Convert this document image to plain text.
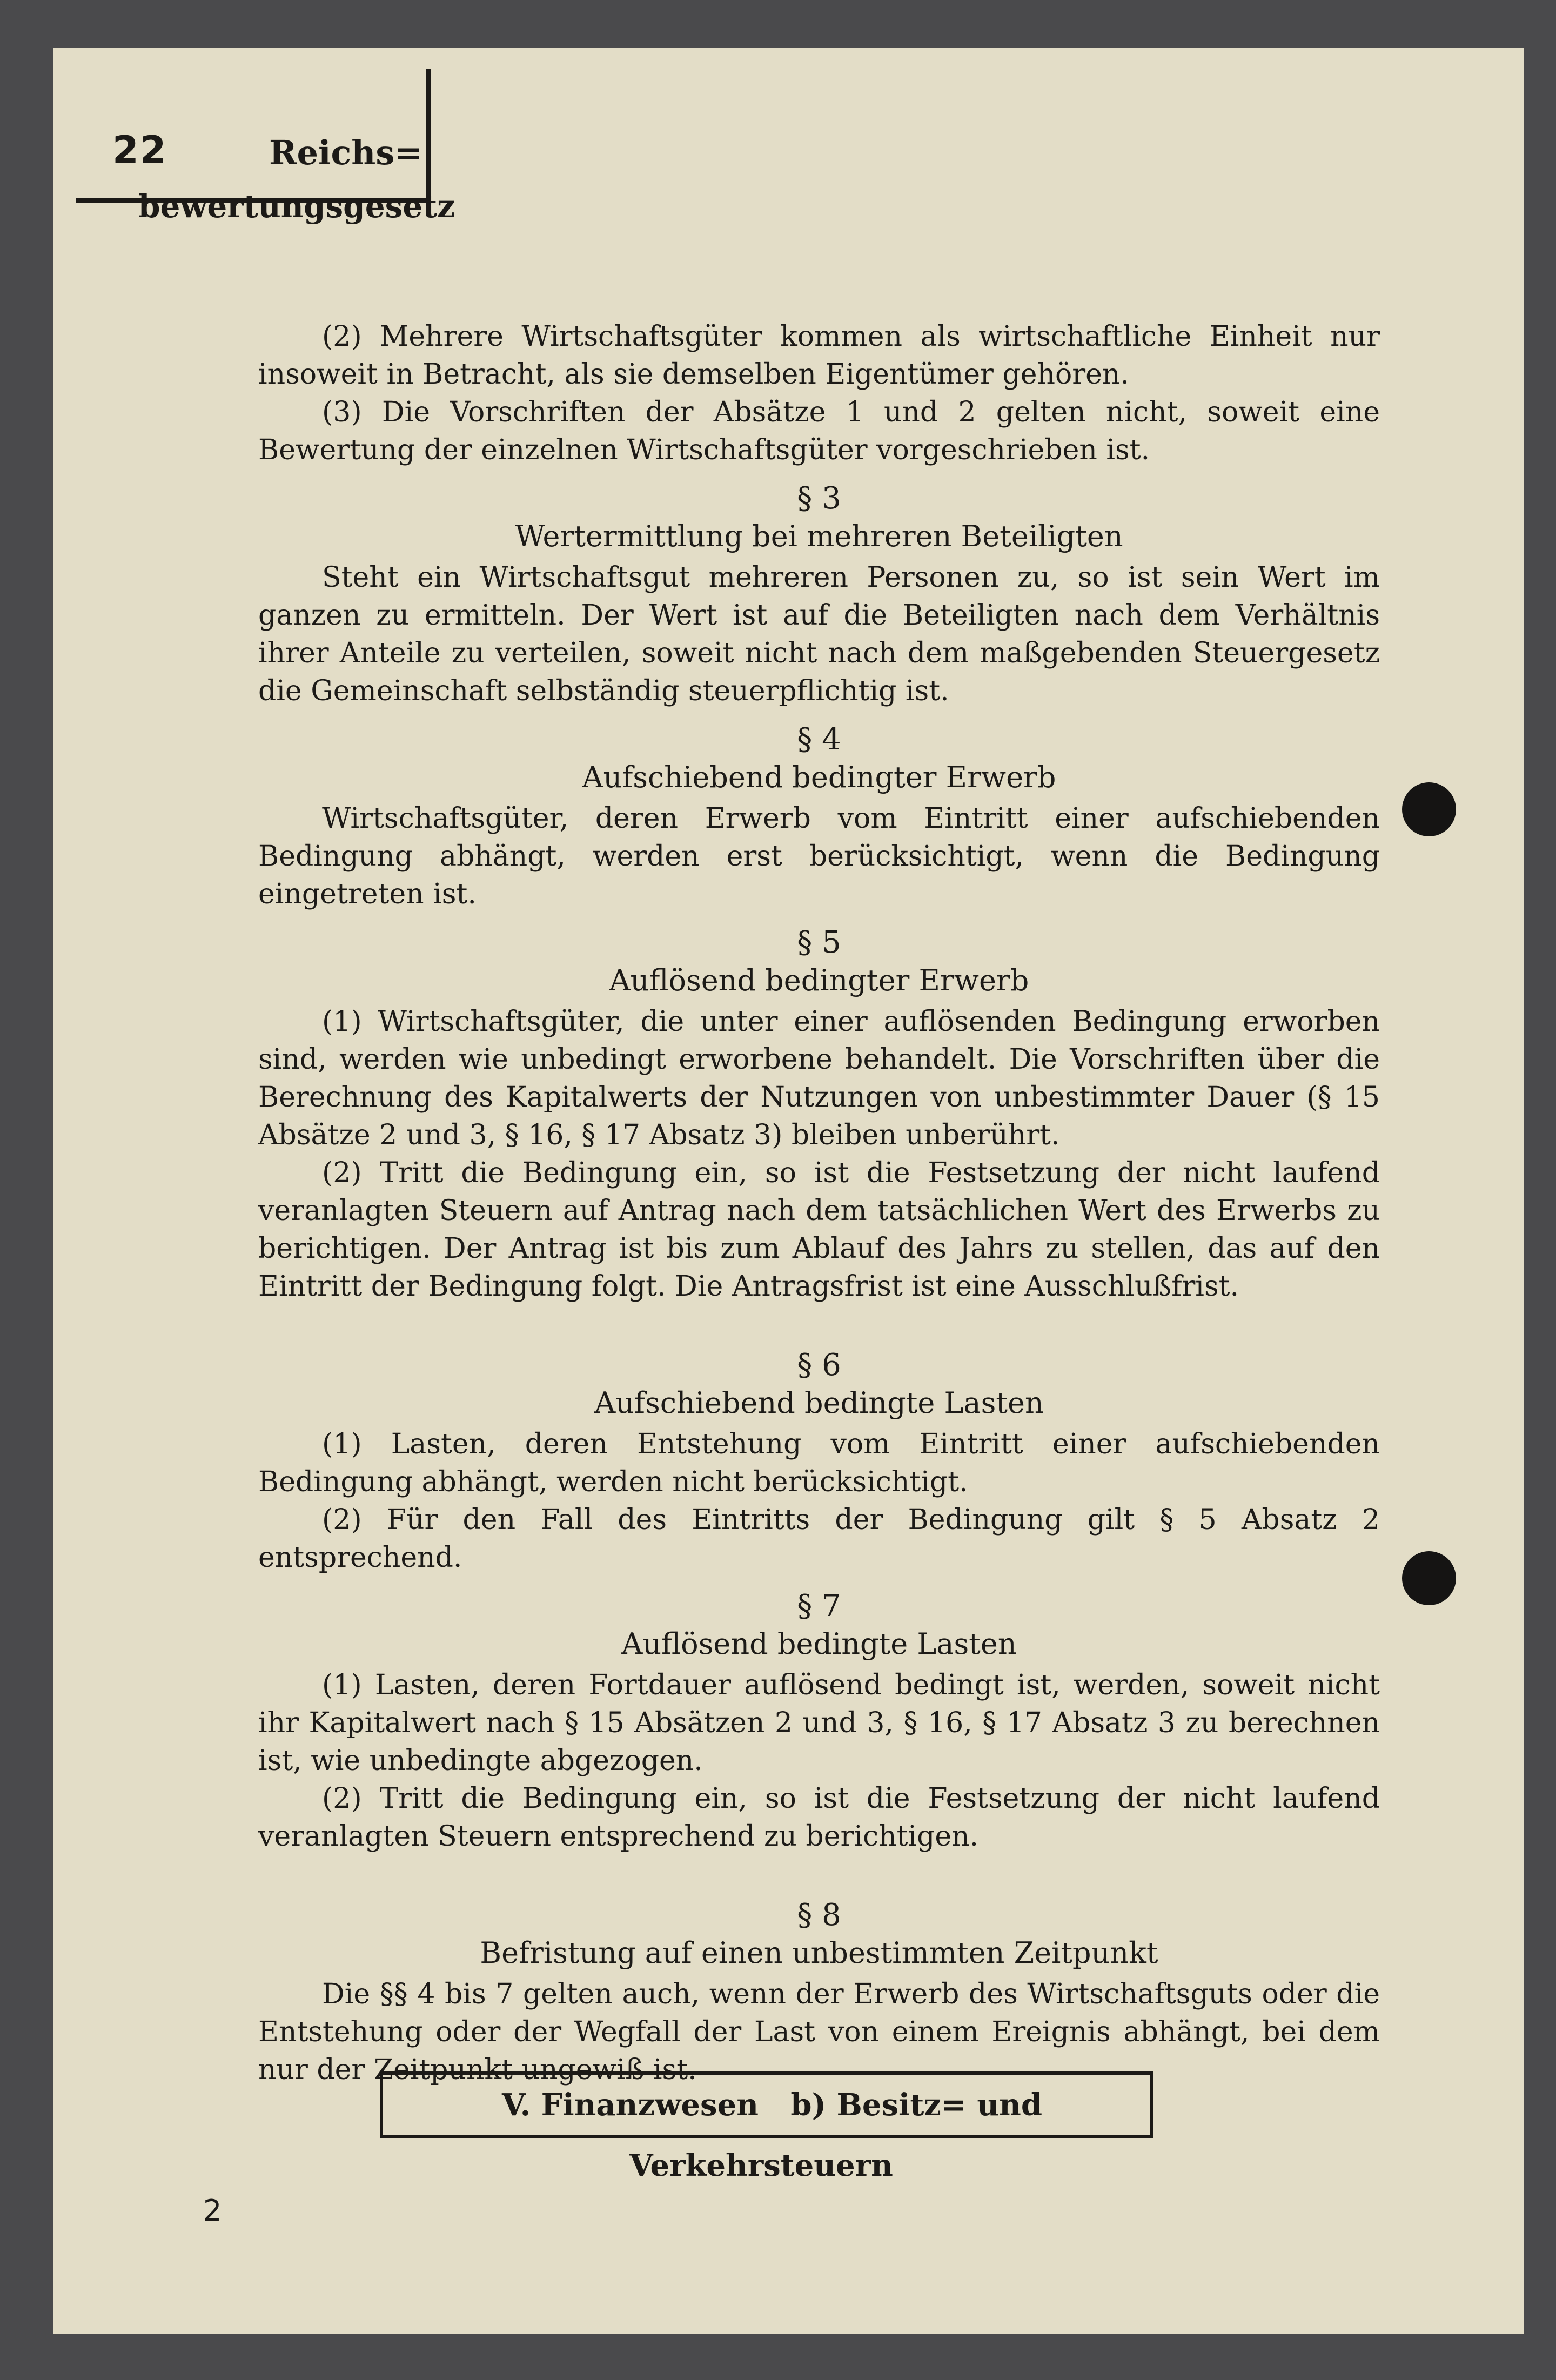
22	Reichs=
bewertungsgesetz

(2) Mehrere Wirtschaftsgüter kommen als wirtschaftliche Einheit nur insoweit in Betracht, als sie demselben Eigentümer gehören.

(3) Die Vorschriften der Absätze 1 und 2 gelten nicht, soweit eine Bewertung der einzelnen Wirtschaftsgüter vorgeschrieben ist.

§ 3
Wertermittlung bei mehreren Beteiligten

Steht ein Wirtschaftsgut mehreren Personen zu, so ist sein Wert im ganzen zu ermitteln. Der Wert ist auf die Beteiligten nach dem Verhältnis ihrer Anteile zu verteilen, soweit nicht nach dem maßgebenden Steuergesetz die Gemeinschaft selbständig steuerpflichtig ist.

§ 4
Aufschiebend bedingter Erwerb

Wirtschaftsgüter, deren Erwerb vom Eintritt einer aufschiebenden Bedingung abhängt, werden erst berücksichtigt, wenn die Bedingung eingetreten ist.

§ 5
Auflösend bedingter Erwerb

(1) Wirtschaftsgüter, die unter einer auflösenden Bedingung erworben sind, werden wie unbedingt erworbene behandelt. Die Vorschriften über die Berechnung des Kapitalwerts der Nutzungen von unbestimmter Dauer (§ 15 Absätze 2 und 3, § 16, § 17 Absatz 3) bleiben unberührt.

(2) Tritt die Bedingung ein, so ist die Festsetzung der nicht laufend veranlagten Steuern auf Antrag nach dem tatsächlichen Wert des Erwerbs zu berichtigen. Der Antrag ist bis zum Ablauf des Jahrs zu stellen, das auf den Eintritt der Bedingung folgt. Die Antragsfrist ist eine Ausschlußfrist.

§ 6
Aufschiebend bedingte Lasten

(1) Lasten, deren Entstehung vom Eintritt einer aufschiebenden Bedingung abhängt, werden nicht berücksichtigt.

(2) Für den Fall des Eintritts der Bedingung gilt § 5 Absatz 2 entsprechend.

§ 7
Auflösend bedingte Lasten

(1) Lasten, deren Fortdauer auflösend bedingt ist, werden, soweit nicht ihr Kapitalwert nach § 15 Absätzen 2 und 3, § 16, § 17 Absatz 3 zu berechnen ist, wie unbedingte abgezogen.

(2) Tritt die Bedingung ein, so ist die Festsetzung der nicht laufend veranlagten Steuern entsprechend zu berichtigen.

§ 8
Befristung auf einen unbestimmten Zeitpunkt

Die §§ 4 bis 7 gelten auch, wenn der Erwerb des Wirtschaftsguts oder die Entstehung oder der Wegfall der Last von einem Ereignis abhängt, bei dem nur der Zeitpunkt ungewiß ist.

V. Finanzwesen b) Besitz= und Verkehrsteuern
2
